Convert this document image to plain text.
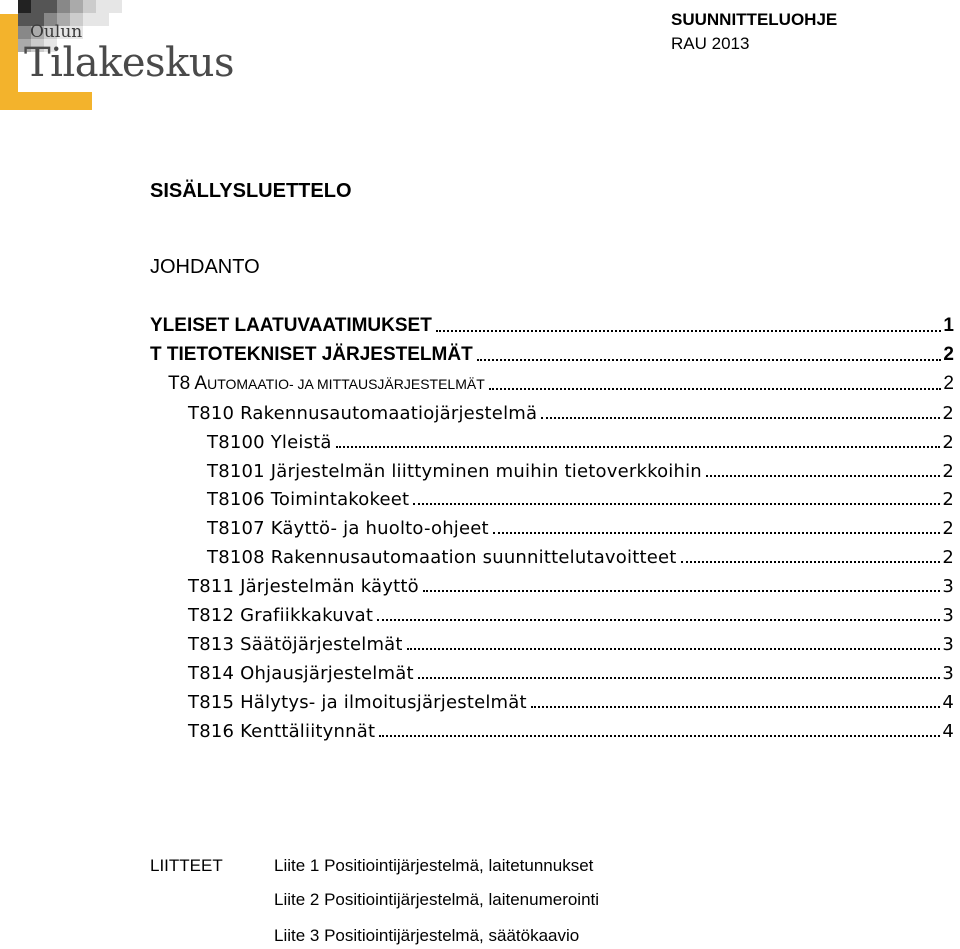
Oulun
Tilakeskus
SUUNNITTELUOHJE
RAU 2013
SISÄLLYSLUETTELO
JOHDANTO
YLEISET LAATUVAATIMUKSET	1
T TIETOTEKNISET JÄRJESTELMÄT	2
T8 AUTOMAATIO- JA MITTAUSJÄRJESTELMÄT	2
T810 Rakennusautomaatiojärjestelmä	2
T8100 Yleistä	2
T8101 Järjestelmän liittyminen muihin tietoverkkoihin	2
T8106 Toimintakokeet	2
T8107 Käyttö- ja huolto-ohjeet	2
T8108 Rakennusautomaation suunnittelutavoitteet	2
T811 Järjestelmän käyttö	3
T812 Grafiikkakuvat	3
T813 Säätöjärjestelmät	3
T814 Ohjausjärjestelmät	3
T815 Hälytys- ja ilmoitusjärjestelmät	4
T816 Kenttäliitynnät	4
LIITTEET	Liite 1 Positiointijärjestelmä, laitetunnukset
Liite 2 Positiointijärjestelmä, laitenumerointi
Liite 3 Positiointijärjestelmä, säätökaavio
